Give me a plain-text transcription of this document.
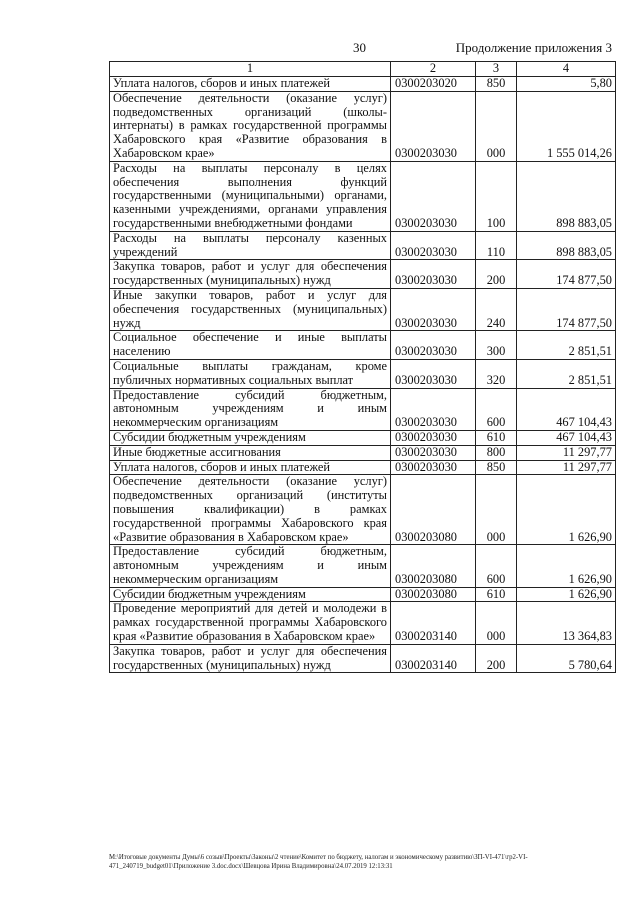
30	Продолжение приложения 3
1	2	3	4
Уплата налогов, сборов и иных платежей	0300203020	850	5,80
Обеспечение деятельности (оказание услуг) подведомственных организаций (школы-интернаты) в рамках государственной программы Хабаровского края «Развитие образования в Хабаровском крае»	0300203030	000	1 555 014,26
Расходы на выплаты персоналу в целях обеспечения выполнения функций государственными (муниципальными) органами, казенными учреждениями, органами управления государственными внебюджетными фондами	0300203030	100	898 883,05
Расходы на выплаты персоналу казенных учреждений	0300203030	110	898 883,05
Закупка товаров, работ и услуг для обеспечения государственных (муниципальных) нужд	0300203030	200	174 877,50
Иные закупки товаров, работ и услуг для обеспечения государственных (муниципальных) нужд	0300203030	240	174 877,50
Социальное обеспечение и иные выплаты населению	0300203030	300	2 851,51
Социальные выплаты гражданам, кроме публичных нормативных социальных выплат	0300203030	320	2 851,51
Предоставление субсидий бюджетным, автономным учреждениям и иным некоммерческим организациям	0300203030	600	467 104,43
Субсидии бюджетным учреждениям	0300203030	610	467 104,43
Иные бюджетные ассигнования	0300203030	800	11 297,77
Уплата налогов, сборов и иных платежей	0300203030	850	11 297,77
Обеспечение деятельности (оказание услуг) подведомственных организаций (институты повышения квалификации) в рамках государственной программы Хабаровского края «Развитие образования в Хабаровском крае»	0300203080	000	1 626,90
Предоставление субсидий бюджетным, автономным учреждениям и иным некоммерческим организациям	0300203080	600	1 626,90
Субсидии бюджетным учреждениям	0300203080	610	1 626,90
Проведение мероприятий для детей и молодежи в рамках государственной программы Хабаровского края «Развитие образования в Хабаровском крае»	0300203140	000	13 364,83
Закупка товаров, работ и услуг для обеспечения государственных (муниципальных) нужд	0300203140	200	5 780,64
M:\Итоговые документы Думы\6 созыв\Проекты\Законы\2 чтение\Комитет по бюджету, налогам и экономическому развитию\ЗП-VI-471\гр2-VI-471_240719_budget01\Приложение 3.doc.docx\Шевцова Ирина Владимировна\24.07.2019 12:13:31
